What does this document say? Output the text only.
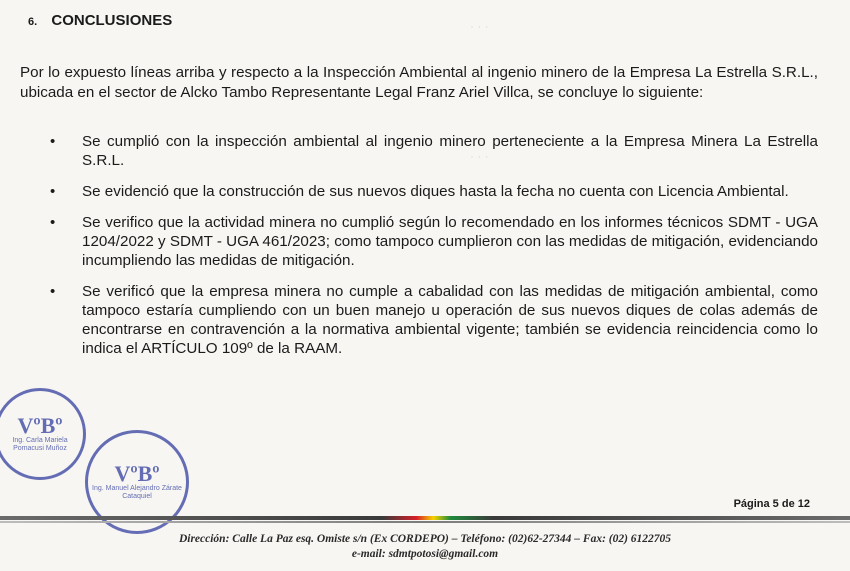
· · ·
· · ·
6. CONCLUSIONES
Por lo expuesto líneas arriba y respecto a la Inspección Ambiental al ingenio minero de la Empresa La Estrella S.R.L., ubicada en el sector de Alcko Tambo Representante Legal Franz Ariel Villca, se concluye lo siguiente:
• Se cumplió con la inspección ambiental al ingenio minero perteneciente a la Empresa Minera La Estrella S.R.L.
• Se evidenció que la construcción de sus nuevos diques hasta la fecha no cuenta con Licencia Ambiental.
• Se verifico que la actividad minera no cumplió según lo recomendado en los informes técnicos SDMT - UGA 1204/2022 y SDMT - UGA 461/2023; como tampoco cumplieron con las medidas de mitigación, evidenciando incumpliendo las medidas de mitigación.
• Se verificó que la empresa minera no cumple a cabalidad con las medidas de mitigación ambiental, como tampoco estaría cumpliendo con un buen manejo u operación de sus nuevos diques de colas además de encontrarse en contravención a la normativa ambiental vigente; también se evidencia reincidencia como lo indica el ARTÍCULO 109º de la RAAM.
VºBº
Ing. Carla Mariela Pomacusi Muñoz
VºBº
Ing. Manuel Alejandro Zárate Cataquiel
Página 5 de 12
Dirección: Calle La Paz esq. Omiste s/n (Ex CORDEPO) – Teléfono: (02)62-27344 – Fax: (02) 6122705
e-mail: sdmtpotosi@gmail.com
